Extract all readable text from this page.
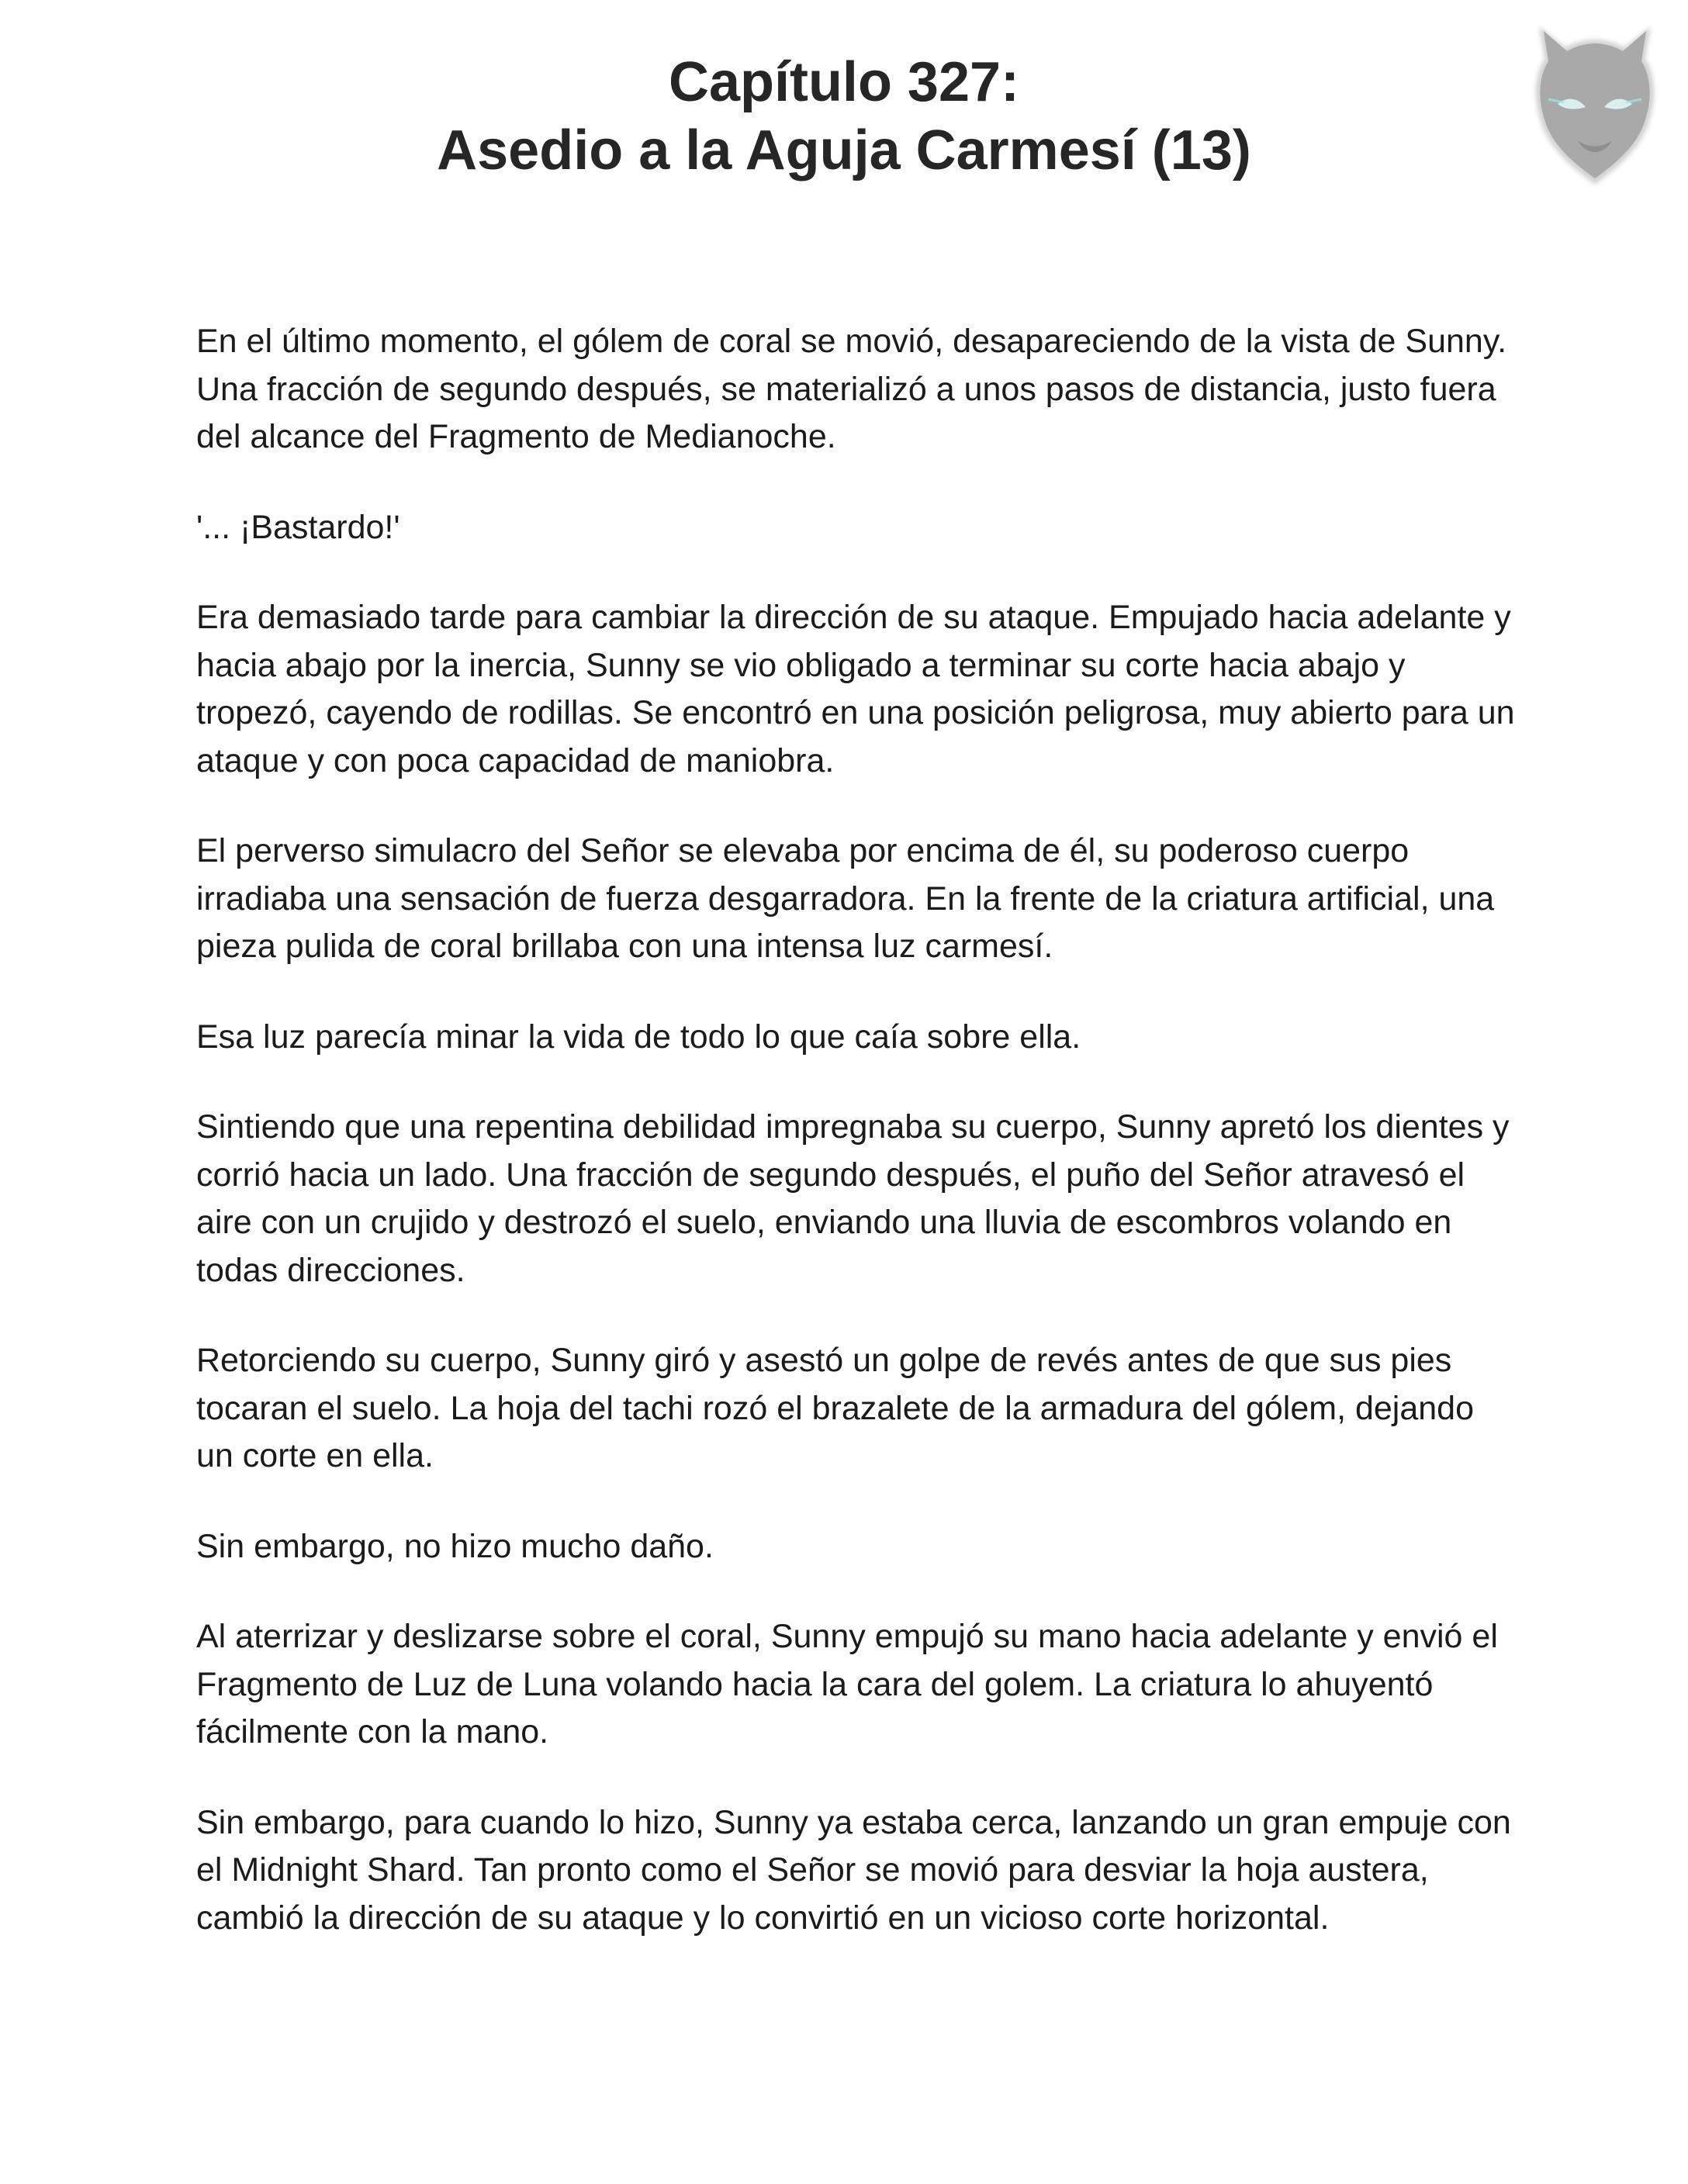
Capítulo 327:
Asedio a la Aguja Carmesí (13)

En el último momento, el gólem de coral se movió, desapareciendo de la vista de Sunny. Una fracción de segundo después, se materializó a unos pasos de distancia, justo fuera del alcance del Fragmento de Medianoche.

'... ¡Bastardo!'

Era demasiado tarde para cambiar la dirección de su ataque. Empujado hacia adelante y hacia abajo por la inercia, Sunny se vio obligado a terminar su corte hacia abajo y tropezó, cayendo de rodillas. Se encontró en una posición peligrosa, muy abierto para un ataque y con poca capacidad de maniobra.

El perverso simulacro del Señor se elevaba por encima de él, su poderoso cuerpo irradiaba una sensación de fuerza desgarradora. En la frente de la criatura artificial, una pieza pulida de coral brillaba con una intensa luz carmesí.

Esa luz parecía minar la vida de todo lo que caía sobre ella.

Sintiendo que una repentina debilidad impregnaba su cuerpo, Sunny apretó los dientes y corrió hacia un lado. Una fracción de segundo después, el puño del Señor atravesó el aire con un crujido y destrozó el suelo, enviando una lluvia de escombros volando en todas direcciones.

Retorciendo su cuerpo, Sunny giró y asestó un golpe de revés antes de que sus pies tocaran el suelo. La hoja del tachi rozó el brazalete de la armadura del gólem, dejando un corte en ella.

Sin embargo, no hizo mucho daño.

Al aterrizar y deslizarse sobre el coral, Sunny empujó su mano hacia adelante y envió el Fragmento de Luz de Luna volando hacia la cara del golem. La criatura lo ahuyentó fácilmente con la mano.

Sin embargo, para cuando lo hizo, Sunny ya estaba cerca, lanzando un gran empuje con el Midnight Shard. Tan pronto como el Señor se movió para desviar la hoja austera, cambió la dirección de su ataque y lo convirtió en un vicioso corte horizontal.
